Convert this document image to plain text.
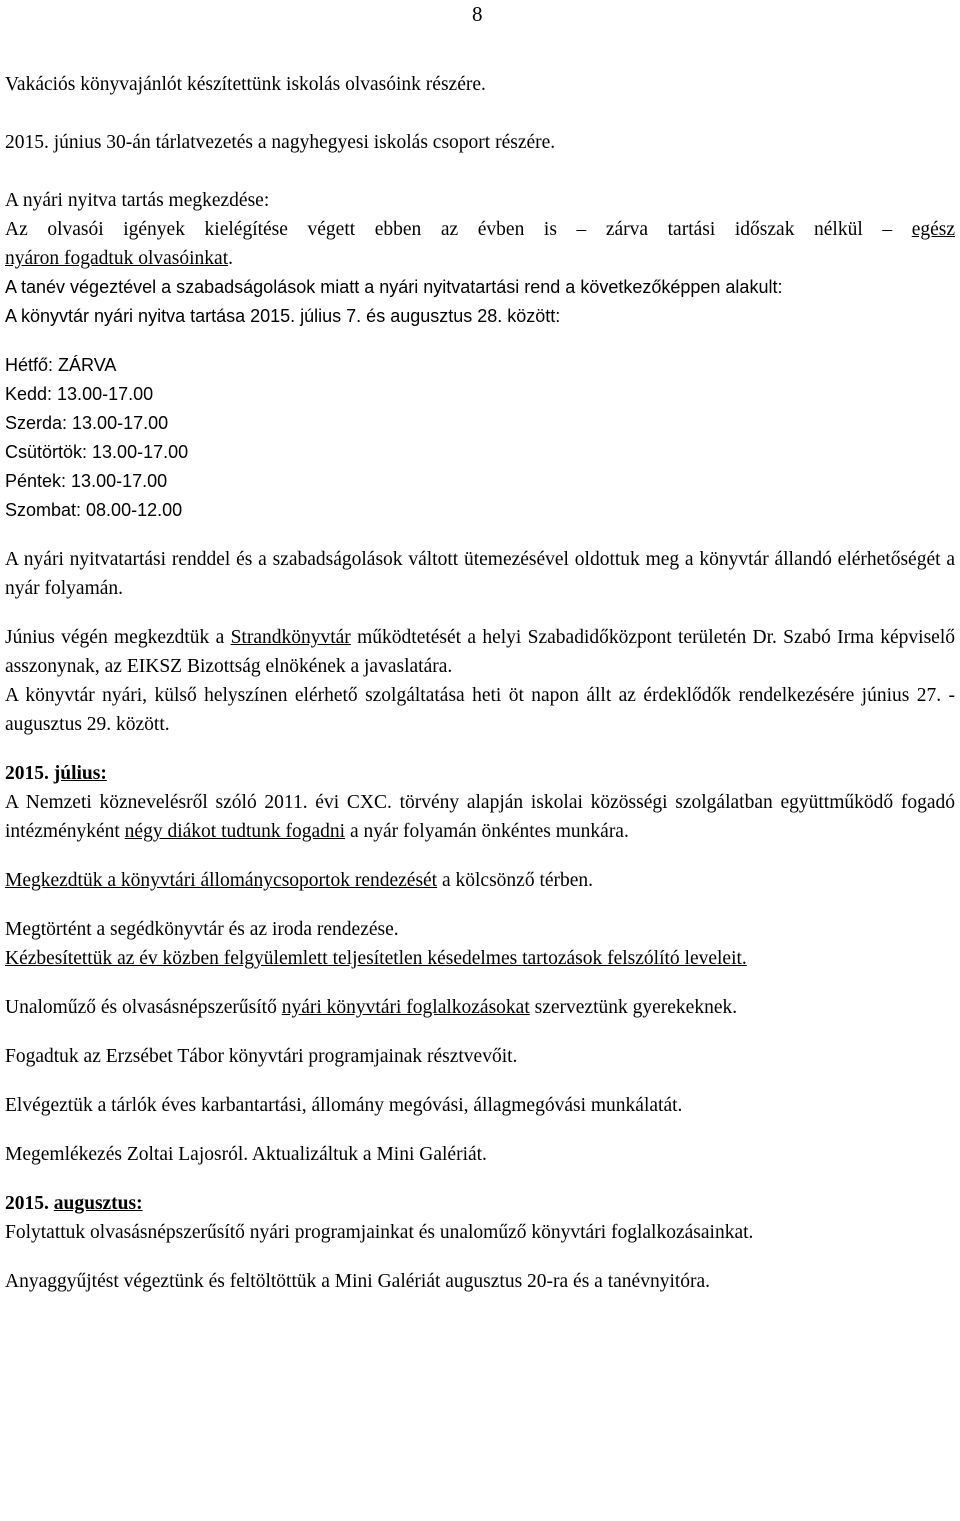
8

Vakációs könyvajánlót készítettünk iskolás olvasóink részére.

2015. június 30-án tárlatvezetés a nagyhegyesi iskolás csoport részére.

A nyári nyitva tartás megkezdése:

Az olvasói igények kielégítése végett ebben az évben is – zárva tartási időszak nélkül – egész

nyáron fogadtuk olvasóinkat.

A tanév végeztével a szabadságolások miatt a nyári nyitvatartási rend a következőképpen alakult:

A könyvtár nyári nyitva tartása 2015. július 7. és augusztus 28. között:

Hétfő: ZÁRVA

Kedd: 13.00-17.00

Szerda: 13.00-17.00

Csütörtök: 13.00-17.00

Péntek: 13.00-17.00

Szombat: 08.00-12.00

A nyári nyitvatartási renddel és a szabadságolások váltott ütemezésével oldottuk meg a könyvtár állandó elérhetőségét a nyár folyamán.

Június végén megkezdtük a Strandkönyvtár működtetését a helyi Szabadidőközpont területén Dr. Szabó Irma képviselő asszonynak, az EIKSZ Bizottság elnökének a javaslatára.

A könyvtár nyári, külső helyszínen elérhető szolgáltatása heti öt napon állt az érdeklődők rendelkezésére június 27. - augusztus 29. között.

2015. július:

A Nemzeti köznevelésről szóló 2011. évi CXC. törvény alapján iskolai közösségi szolgálatban együttműködő fogadó intézményként négy diákot tudtunk fogadni a nyár folyamán önkéntes munkára.

Megkezdtük a könyvtári állománycsoportok rendezését a kölcsönző térben.

Megtörtént a segédkönyvtár és az iroda rendezése.

Kézbesítettük az év közben felgyülemlett teljesítetlen késedelmes tartozások felszólító leveleit.

Unaloműző és olvasásnépszerűsítő nyári könyvtári foglalkozásokat szerveztünk gyerekeknek.

Fogadtuk az Erzsébet Tábor könyvtári programjainak résztvevőit.

Elvégeztük a tárlók éves karbantartási, állomány megóvási, állagmegóvási munkálatát.

Megemlékezés Zoltai Lajosról. Aktualizáltuk a Mini Galériát.

2015. augusztus:

Folytattuk olvasásnépszerűsítő nyári programjainkat és unaloműző könyvtári foglalkozásainkat.

Anyaggyűjtést végeztünk és feltöltöttük a Mini Galériát augusztus 20-ra és a tanévnyitóra.
